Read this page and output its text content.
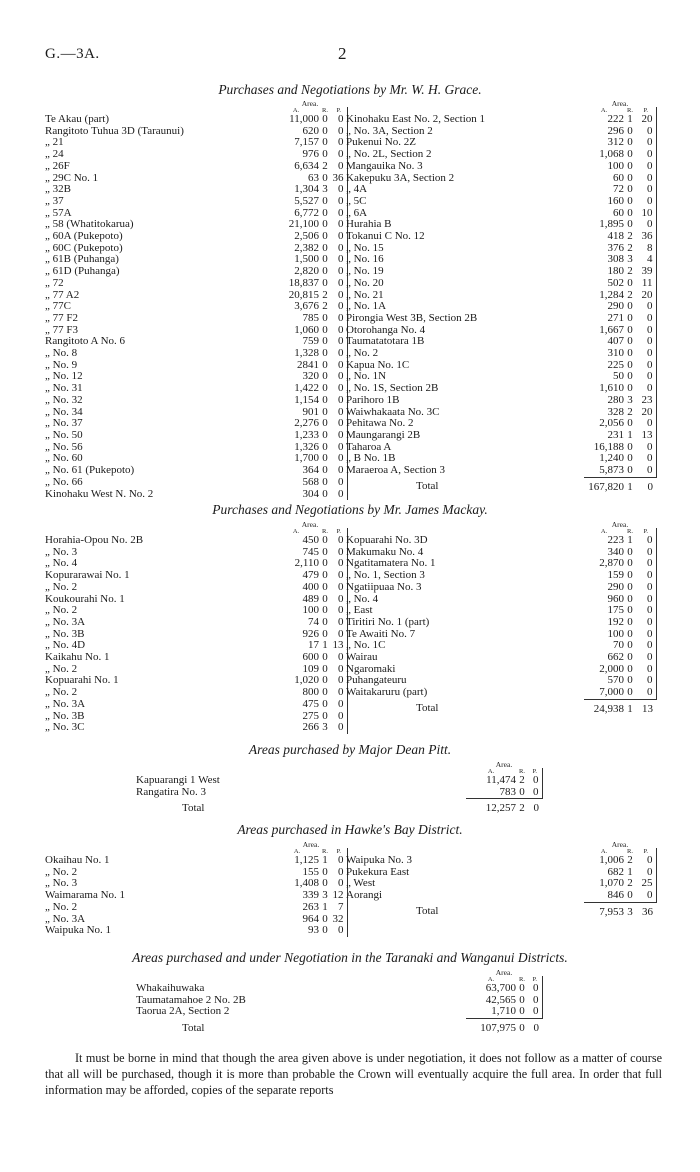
G.—3A.	2
Purchases and Negotiations by Mr. W. H. Grace.
	Area.		
	A.	R.	P.
Te Akau (part)	11,000	0	0
Rangitoto Tuhua 3D (Taraunui)	620	0	0
„ 21	7,157	0	0
„ 24	976	0	0
„ 26F	6,634	2	0
„ 29C No. 1	63	0	36
„ 32B	1,304	3	0
„ 37	5,527	0	0
„ 57A	6,772	0	0
„ 58 (Whatitokarua)	21,100	0	0
„ 60A (Pukepoto)	2,506	0	0
„ 60C (Pukepoto)	2,382	0	0
„ 61B (Puhanga)	1,500	0	0
„ 61D (Puhanga)	2,820	0	0
„ 72	18,837	0	0
„ 77 A2	20,815	2	0
„ 77C	3,676	2	0
„ 77 F2	785	0	0
„ 77 F3	1,060	0	0
Rangitoto A No. 6	759	0	0
„ No. 8	1,328	0	0
„ No. 9	2841	0	0
„ No. 12	320	0	0
„ No. 31	1,422	0	0
„ No. 32	1,154	0	0
„ No. 34	901	0	0
„ No. 37	2,276	0	0
„ No. 50	1,233	0	0
„ No. 56	1,326	0	0
„ No. 60	1,700	0	0
„ No. 61 (Pukepoto)	364	0	0
„ No. 66	568	0	0
Kinohaku West N. No. 2	304	0	0
	Area.		
	A.	R.	P.
Kinohaku East No. 2, Section 1	222	1	20
„ No. 3A, Section 2	296	0	0
Pukenui No. 2Z	312	0	0
„ No. 2L, Section 2	1,068	0	0
Mangauika No. 3	100	0	0
Kakepuku 3A, Section 2	60	0	0
„ 4A	72	0	0
„ 5C	160	0	0
„ 6A	60	0	10
Hurahia B	1,895	0	0
Tokanui C No. 12	418	2	36
„ No. 15	376	2	8
„ No. 16	308	3	4
„ No. 19	180	2	39
„ No. 20	502	0	11
„ No. 21	1,284	2	20
„ No. 1A	290	0	0
Pirongia West 3B, Section 2B	271	0	0
Otorohanga No. 4	1,667	0	0
Taumatatotara 1B	407	0	0
„ No. 2	310	0	0
Kapua No. 1C	225	0	0
„ No. 1N	50	0	0
„ No. 1S, Section 2B	1,610	0	0
Parihoro 1B	280	3	23
Waiwhakaata No. 3C	328	2	20
Pehitawa No. 2	2,056	0	0
Maungarangi 2B	231	1	13
Taharoa A	16,188	0	0
„ B No. 1B	1,240	0	0
Maraeroa A, Section 3	5,873	0	0
Total	167,820	1	0
Purchases and Negotiations by Mr. James Mackay.
	Area.		
	A.	R.	P.
Horahia-Opou No. 2B	450	0	0
„ No. 3	745	0	0
„ No. 4	2,110	0	0
Kopurarawai No. 1	479	0	0
„ No. 2	400	0	0
Koukourahi No. 1	489	0	0
„ No. 2	100	0	0
„ No. 3A	74	0	0
„ No. 3B	926	0	0
„ No. 4D	17	1	13
Kaikahu No. 1	600	0	0
„ No. 2	109	0	0
Kopuarahi No. 1	1,020	0	0
„ No. 2	800	0	0
„ No. 3A	475	0	0
„ No. 3B	275	0	0
„ No. 3C	266	3	0
	Area.		
	A.	R.	P.
Kopuarahi No. 3D	223	1	0
Makumaku No. 4	340	0	0
Ngatitamatera No. 1	2,870	0	0
„ No. 1, Section 3	159	0	0
Ngatiipuaa No. 3	290	0	0
„ No. 4	960	0	0
„ East	175	0	0
Tiritiri No. 1 (part)	192	0	0
Te Awaiti No. 7	100	0	0
„ No. 1C	70	0	0
Wairau	662	0	0
Ngaromaki	2,000	0	0
Puhangateuru	570	0	0
Waitakaruru (part)	7,000	0	0
Total	24,938	1	13
Areas purchased by Major Dean Pitt.
	Area.		
	A.	R.	P.
Kapuarangi 1 West	11,474	2	0
Rangatira No. 3	783	0	0
Total	12,257	2	0
Areas purchased in Hawke's Bay District.
	Area.		
	A.	R.	P.
Okaihau No. 1	1,125	1	0
„ No. 2	155	0	0
„ No. 3	1,408	0	0
Waimarama No. 1	339	3	12
„ No. 2	263	1	7
„ No. 3A	964	0	32
Waipuka No. 1	93	0	0
	Area.		
	A.	R.	P.
Waipuka No. 3	1,006	2	0
Pukekura East	682	1	0
„ West	1,070	2	25
Aorangi	846	0	0
Total	7,953	3	36
Areas purchased and under Negotiation in the Taranaki and Wanganui Districts.
	Area.		
	A.	R.	P.
Whakaihuwaka	63,700	0	0
Taumatamahoe 2 No. 2B	42,565	0	0
Taorua 2A, Section 2	1,710	0	0
Total	107,975	0	0

It must be borne in mind that though the area given above is under negotiation, it does not follow as a matter of course that all will be purchased, though it is more than probable the Crown will eventually acquire the full area. In order that full information may be afforded, copies of the separate reports
